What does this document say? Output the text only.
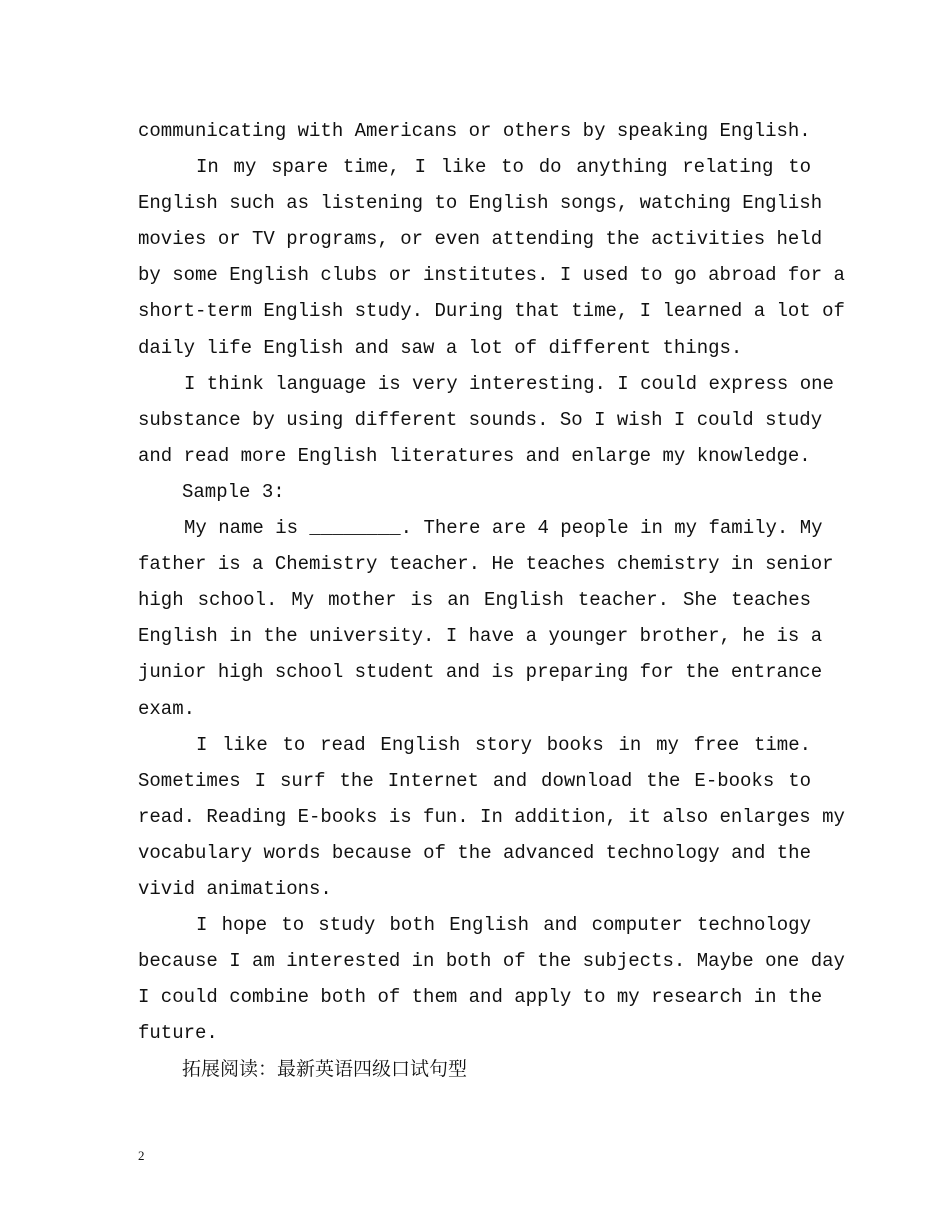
communicating with Americans or others by speaking English.
In my spare time, I like to do anything relating to
English such as listening to English songs, watching English
movies or TV programs, or even attending the activities held
by some English clubs or institutes. I used to go abroad for a
short-term English study. During that time, I learned a lot of
daily life English and saw a lot of different things.
I think language is very interesting. I could express one
substance by using different sounds. So I wish I could study
and read more English literatures and enlarge my knowledge.
Sample 3:
My name is ________. There are 4 people in my family. My
father is a Chemistry teacher. He teaches chemistry in senior
high school. My mother is an English teacher. She teaches
English in the university. I have a younger brother, he is a
junior high school student and is preparing for the entrance
exam.
I like to read English story books in my free time.
Sometimes I surf the Internet and download the E-books to
read. Reading E-books is fun. In addition, it also enlarges my
vocabulary words because of the advanced technology and the
vivid animations.
I hope to study both English and computer technology
because I am interested in both of the subjects. Maybe one day
I could combine both of them and apply to my research in the
future.
拓展阅读：最新英语四级口试句型
2
